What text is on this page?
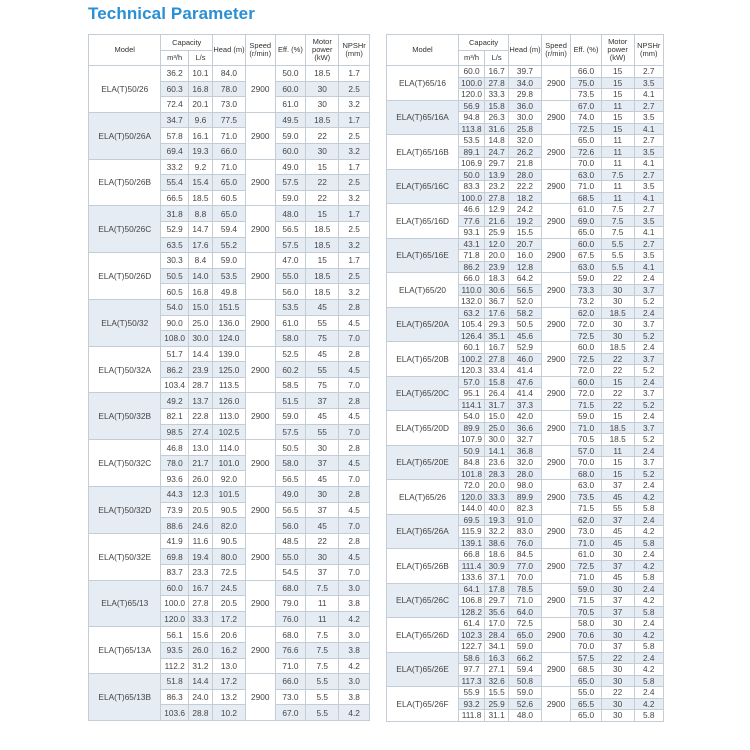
Technical Parameter
Model	Capacity		Head (m)	Speed (r/min)	Eff. (%)	Motor power (kW)	NPSHr (mm)
	m³/h	L/s					
ELA(T)50/26	36.2	10.1	84.0	2900	50.0	18.5	1.7
	60.3	16.8	78.0		60.0	30	2.5
	72.4	20.1	73.0		61.0	30	3.2
ELA(T)50/26A	34.7	9.6	77.5	2900	49.5	18.5	1.7
	57.8	16.1	71.0		59.0	22	2.5
	69.4	19.3	66.0		60.0	30	3.2
ELA(T)50/26B	33.2	9.2	71.0	2900	49.0	15	1.7
	55.4	15.4	65.0		57.5	22	2.5
	66.5	18.5	60.5		59.0	22	3.2
ELA(T)50/26C	31.8	8.8	65.0	2900	48.0	15	1.7
	52.9	14.7	59.4		56.5	18.5	2.5
	63.5	17.6	55.2		57.5	18.5	3.2
ELA(T)50/26D	30.3	8.4	59.0	2900	47.0	15	1.7
	50.5	14.0	53.5		55.0	18.5	2.5
	60.5	16.8	49.8		56.0	18.5	3.2
ELA(T)50/32	54.0	15.0	151.5	2900	53.5	45	2.8
	90.0	25.0	136.0		61.0	55	4.5
	108.0	30.0	124.0		58.0	75	7.0
ELA(T)50/32A	51.7	14.4	139.0	2900	52.5	45	2.8
	86.2	23.9	125.0		60.2	55	4.5
	103.4	28.7	113.5		58.5	75	7.0
ELA(T)50/32B	49.2	13.7	126.0	2900	51.5	37	2.8
	82.1	22.8	113.0		59.0	45	4.5
	98.5	27.4	102.5		57.5	55	7.0
ELA(T)50/32C	46.8	13.0	114.0	2900	50.5	30	2.8
	78.0	21.7	101.0		58.0	37	4.5
	93.6	26.0	92.0		56.5	45	7.0
ELA(T)50/32D	44.3	12.3	101.5	2900	49.0	30	2.8
	73.9	20.5	90.5		56.5	37	4.5
	88.6	24.6	82.0		56.0	45	7.0
ELA(T)50/32E	41.9	11.6	90.5	2900	48.5	22	2.8
	69.8	19.4	80.0		55.0	30	4.5
	83.7	23.3	72.5		54.5	37	7.0
ELA(T)65/13	60.0	16.7	24.5	2900	68.0	7.5	3.0
	100.0	27.8	20.5		79.0	11	3.8
	120.0	33.3	17.2		76.0	11	4.2
ELA(T)65/13A	56.1	15.6	20.6	2900	68.0	7.5	3.0
	93.5	26.0	16.2		76.6	7.5	3.8
	112.2	31.2	13.0		71.0	7.5	4.2
ELA(T)65/13B	51.8	14.4	17.2	2900	66.0	5.5	3.0
	86.3	24.0	13.2		73.0	5.5	3.8
	103.6	28.8	10.2		67.0	5.5	4.2
Model	Capacity		Head (m)	Speed (r/min)	Eff. (%)	Motor power (kW)	NPSHr (mm)
	m³/h	L/s					
ELA(T)65/16	60.0	16.7	39.7	2900	66.0	15	2.7
	100.0	27.8	34.0		75.0	15	3.5
	120.0	33.3	29.8		73.5	15	4.1
ELA(T)65/16A	56.9	15.8	36.0	2900	67.0	11	2.7
	94.8	26.3	30.0		74.0	15	3.5
	113.8	31.6	25.8		72.5	15	4.1
ELA(T)65/16B	53.5	14.8	32.0	2900	65.0	11	2.7
	89.1	24.7	26.2		72.6	11	3.5
	106.9	29.7	21.8		70.0	11	4.1
ELA(T)65/16C	50.0	13.9	28.0	2900	63.0	7.5	2.7
	83.3	23.2	22.2		71.0	11	3.5
	100.0	27.8	18.2		68.5	11	4.1
ELA(T)65/16D	46.6	12.9	24.2	2900	61.0	7.5	2.7
	77.6	21.6	19.2		69.0	7.5	3.5
	93.1	25.9	15.5		65.0	7.5	4.1
ELA(T)65/16E	43.1	12.0	20.7	2900	60.0	5.5	2.7
	71.8	20.0	16.0		67.5	5.5	3.5
	86.2	23.9	12.8		63.0	5.5	4.1
ELA(T)65/20	66.0	18.3	64.2	2900	59.0	22	2.4
	110.0	30.6	56.5		73.3	30	3.7
	132.0	36.7	52.0		73.2	30	5.2
ELA(T)65/20A	63.2	17.6	58.2	2900	62.0	18.5	2.4
	105.4	29.3	50.5		72.0	30	3.7
	126.4	35.1	45.6		72.5	30	5.2
ELA(T)65/20B	60.1	16.7	52.9	2900	60.0	18.5	2.4
	100.2	27.8	46.0		72.5	22	3.7
	120.3	33.4	41.4		72.0	22	5.2
ELA(T)65/20C	57.0	15.8	47.6	2900	60.0	15	2.4
	95.1	26.4	41.4		72.0	22	3.7
	114.1	31.7	37.3		71.5	22	5.2
ELA(T)65/20D	54.0	15.0	42.0	2900	59.0	15	2.4
	89.9	25.0	36.6		71.0	18.5	3.7
	107.9	30.0	32.7		70.5	18.5	5.2
ELA(T)65/20E	50.9	14.1	36.8	2900	57.0	11	2.4
	84.8	23.6	32.0		70.0	15	3.7
	101.8	28.3	28.0		68.0	15	5.2
ELA(T)65/26	72.0	20.0	98.0	2900	63.0	37	2.4
	120.0	33.3	89.9		73.5	45	4.2
	144.0	40.0	82.3		71.5	55	5.8
ELA(T)65/26A	69.5	19.3	91.0	2900	62.0	37	2.4
	115.9	32.2	83.0		73.0	45	4.2
	139.1	38.6	76.0		71.0	45	5.8
ELA(T)65/26B	66.8	18.6	84.5	2900	61.0	30	2.4
	111.4	30.9	77.0		72.5	37	4.2
	133.6	37.1	70.0		71.0	45	5.8
ELA(T)65/26C	64.1	17.8	78.5	2900	59.0	30	2.4
	106.8	29.7	71.0		71.5	37	4.2
	128.2	35.6	64.0		70.5	37	5.8
ELA(T)65/26D	61.4	17.0	72.5	2900	58.0	30	2.4
	102.3	28.4	65.0		70.6	30	4.2
	122.7	34.1	59.0		70.0	37	5.8
ELA(T)65/26E	58.6	16.3	66.2	2900	57.5	22	2.4
	97.7	27.1	59.4		68.5	30	4.2
	117.3	32.6	50.8		65.0	30	5.8
ELA(T)65/26F	55.9	15.5	59.0	2900	55.0	22	2.4
	93.2	25.9	52.6		65.5	30	4.2
	111.8	31.1	48.0		65.0	30	5.8
